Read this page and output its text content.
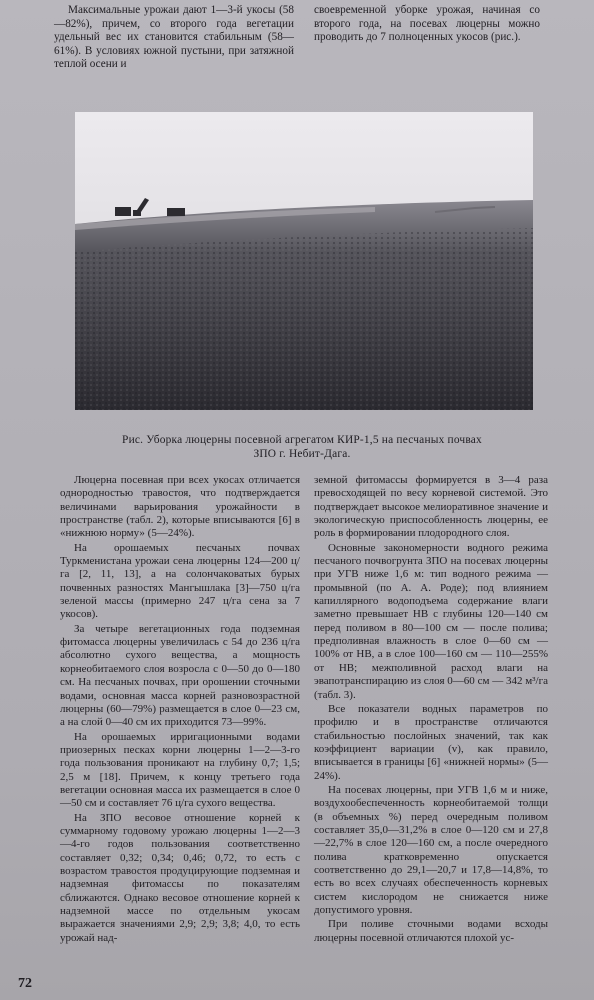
Максимальные урожаи дают 1—3-й укосы (58—82%), причем, со второго года вегетации удельный вес их становится стабильным (58—61%). В условиях южной пустыни, при затяжной теплой осени и

своевременной уборке урожая, начиная со второго года, на посевах люцерны можно проводить до 7 полноценных укосов (рис.).

Рис. Уборка люцерны посевной агрегатом КИР-1,5 на песчаных почвах
ЗПО г. Небит-Дага.

Люцерна посевная при всех укосах отличается однородностью травостоя, что подтверждается величинами варьирования урожайности в пространстве (табл. 2), которые вписываются [6] в «нижнюю норму» (5—24%).

На орошаемых песчаных почвах Туркменистана урожаи сена люцерны 124—200 ц/га [2, 11, 13], а на солончаковатых бурых почвенных разностях Мангышлака [3]—750 ц/га зеленой массы (примерно 247 ц/га сена за 7 укосов).

За четыре вегетационных года подземная фитомасса люцерны увеличилась с 54 до 236 ц/га абсолютно сухого вещества, а мощность корнеобитаемого слоя возросла с 0—50 до 0—180 см. На песчаных почвах, при орошении сточными водами, основная масса корней разновозрастной люцерны (60—79%) размещается в слое 0—23 см, а на слой 0—40 см их приходится 73—99%.

На орошаемых ирригационными водами приозерных песках корни люцерны 1—2—3-го года пользования проникают на глубину 0,7; 1,5; 2,5 м [18]. Причем, к концу третьего года вегетации основная масса их размещается в слое 0—50 см и составляет 76 ц/га сухого вещества.

На ЗПО весовое отношение корней к суммарному годовому урожаю люцерны 1—2—3—4-го годов пользования соответственно составляет 0,32; 0,34; 0,46; 0,72, то есть с возрастом травостоя продуцирующие подземная и надземная фитомассы по показателям сближаются. Однако весовое отношение корней к надземной массе по отдельным укосам выражается значениями 2,9; 2,9; 3,8; 4,0, то есть урожай над-

земной фитомассы формируется в 3—4 раза превосходящей по весу корневой системой. Это подтверждает высокое мелиоративное значение и экологическую приспособленность люцерны, ее роль в формировании плодородного слоя.

Основные закономерности водного режима песчаного почвогрунта ЗПО на посевах люцерны при УГВ ниже 1,6 м: тип водного режима — промывной (по А. А. Роде); под влиянием капиллярного водоподъема содержание влаги заметно превышает НВ с глубины 120—140 см перед поливом в 80—100 см — после полива; предполивная влажность в слое 0—60 см — 100% от НВ, а в слое 100—160 см — 110—255% от НВ; межполивной расход влаги на эвапотранспирацию из слоя 0—60 см — 342 м³/га (табл. 3).

Все показатели водных параметров по профилю и в пространстве отличаются стабильностью послойных значений, так как коэффициент вариации (v), как правило, вписывается в границы [6] «нижней нормы» (5—24%).

На посевах люцерны, при УГВ 1,6 м и ниже, воздухообеспеченность корнеобитаемой толщи (в объемных %) перед очередным поливом составляет 35,0—31,2% в слое 0—120 см и 27,8—22,7% в слое 120—160 см, а после очередного полива кратковременно опускается соответственно до 29,1—20,7 и 17,8—14,8%, то есть во всех случаях обеспеченность корневых систем кислородом не снижается ниже допустимого уровня.

При поливе сточными водами всходы люцерны посевной отличаются плохой ус-

72
